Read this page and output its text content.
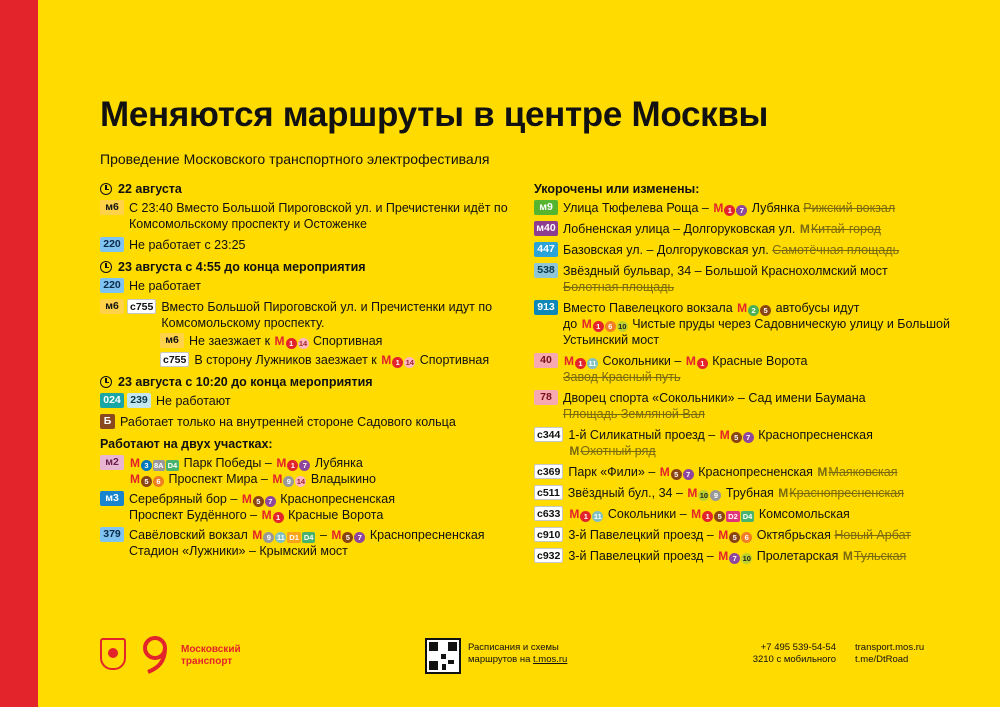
Меняются маршруты в центре Москвы
Проведение Московского транспортного электрофестиваля
22 августа
м6 С 23:40 Вместо Большой Пироговской ул. и Пречистенки идёт по Комсомольскому проспекту и Остоженке
220 Не работает с 23:25
23 августа с 4:55 до конца мероприятия
220 Не работает
м6	с755 Вместо Большой Пироговской ул. и Пречистенки идут по Комсомольскому проспекту.
м6 Не заезжает к М 1 14 Спортивная
с755 В сторону Лужников заезжает к М 1 14 Спортивная
23 августа с 10:20 до конца мероприятия
024 239 Не работают
Б Работает только на внутренней стороне Садового кольца
Работают на двух участках:
м2 М 3 8А D4 Парк Победы – М 1 7 Лубянка
М 5 6 Проспект Мира – М 9 14 Владыкино
м3 Серебряный бор – М 5 7 Краснопресненская
Проспект Будённого – М 1 Красные Ворота
379 Савёловский вокзал М 9 11 D1 D4 – М 5 7 Краснопресненская
Стадион «Лужники» – Крымский мост
Укорочены или изменены:
м9 Улица Тюфелева Роща – М 1 7 Лубянка Рижский вокзал
м40 Лобненская улица – Долгоруковская ул. МКитай-город
447 Базовская ул. – Долгоруковская ул. Самотёчная площадь
538 Звёздный бульвар, 34 – Большой Краснохолмский мост
Болотная площадь
913 Вместо Павелецкого вокзала М 2 5 автобусы идут
до М 1 6 10 Чистые пруды через Садовническую улицу и Большой Устьинский мост
40	М 1 11 Сокольники – М 1 Красные Ворота
Завод Красный путь
78 Дворец спорта «Сокольники» – Сад имени Баумана
Площадь Земляной Вал
с344 1-й Силикатный проезд – М 5 7 Краснопресненская
МОхотный ряд
с369 Парк «Фили» – М 5 7 Краснопресненская ММаяковская
с511 Звёздный бул., 34 – М 10 9 Трубная МКраснопресненская
с633 М 1 11 Сокольники – М 1 5 D2 D4 Комсомольская
с910 3-й Павелецкий проезд – М 5 6 Октябрьская Новый Арбат
с932 3-й Павелецкий проезд – М 7 10 Пролетарская МТульская
Московский
транспорт
Расписания и схемы
маршрутов на t.mos.ru
+7 495 539-54-54
3210 с мобильного
transport.mos.ru
t.me/DtRoad
